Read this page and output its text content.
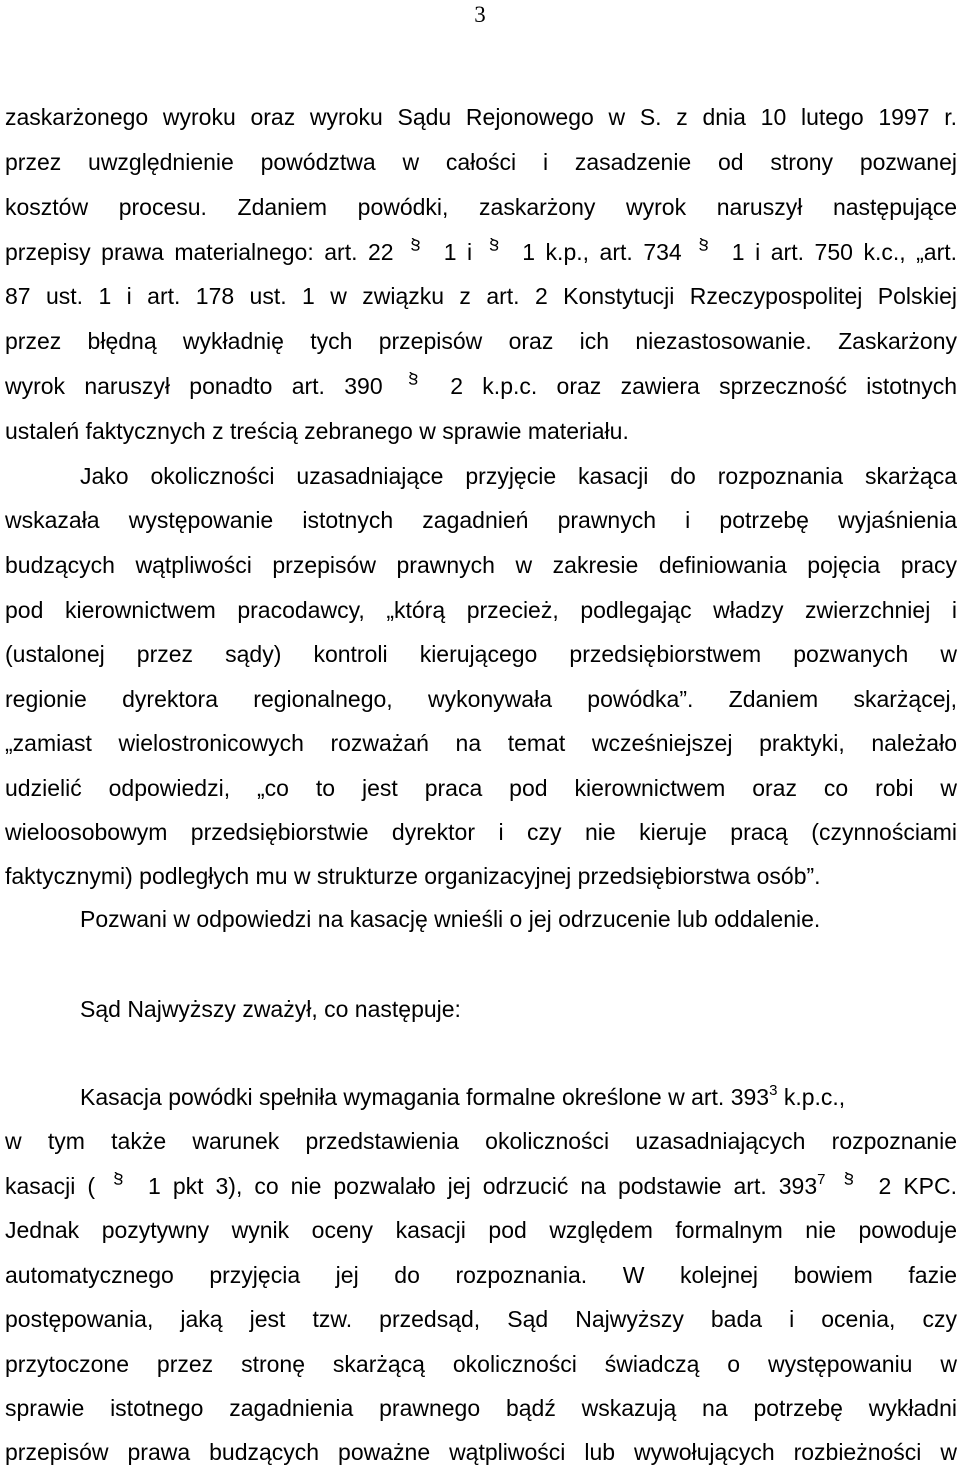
3
zaskarżonego wyroku oraz wyroku Sądu Rejonowego w S. z dnia 10 lutego 1997 r.
przez uwzględnienie powództwa w całości i zasadzenie od strony pozwanej
kosztów procesu. Zdaniem powódki, zaskarżony wyrok naruszył następujące
przepisy prawa materialnego: art. 22 § 1 i § 1 k.p., art. 734 § 1 i art. 750 k.c., „art.
87 ust. 1 i art. 178 ust. 1 w związku z art. 2 Konstytucji Rzeczypospolitej Polskiej
przez błędną wykładnię tych przepisów oraz ich niezastosowanie. Zaskarżony
wyrok naruszył ponadto art. 390 §	2 k.p.c. oraz zawiera sprzeczność istotnych
ustaleń faktycznych z treścią zebranego w sprawie materiału.
Jako okoliczności uzasadniające przyjęcie kasacji do rozpoznania skarżąca
wskazała występowanie istotnych zagadnień prawnych i potrzebę wyjaśnienia
budzących wątpliwości przepisów prawnych w zakresie definiowania pojęcia pracy
pod kierownictwem pracodawcy, „którą przecież, podlegając władzy zwierzchniej i
(ustalonej przez sądy) kontroli kierującego przedsiębiorstwem pozwanych w
regionie dyrektora regionalnego, wykonywała powódka”. Zdaniem skarżącej,
„zamiast wielostronicowych rozważań na temat wcześniejszej praktyki, należało
udzielić odpowiedzi, „co to jest praca pod kierownictwem oraz co robi w
wieloosobowym przedsiębiorstwie dyrektor i czy nie kieruje pracą (czynnościami
faktycznymi) podległych mu w strukturze organizacyjnej przedsiębiorstwa osób”.
Pozwani w odpowiedzi na kasację wnieśli o jej odrzucenie lub oddalenie.
Sąd Najwyższy zważył, co następuje:
Kasacja powódki spełniła wymagania formalne określone w art. $393^3$ k.p.c.,
w tym także warunek przedstawienia okoliczności uzasadniających rozpoznanie
kasacji ( § 1 pkt 3), co nie pozwalało jej odrzucić na podstawie art. $393^7$ § 2 KPC.
Jednak pozytywny wynik oceny kasacji pod względem formalnym nie powoduje
automatycznego przyjęcia jej do rozpoznania. W kolejnej bowiem fazie
postępowania, jaką jest tzw. przedsąd, Sąd Najwyższy bada i ocenia, czy
przytoczone przez stronę skarżącą okoliczności świadczą o występowaniu w
sprawie istotnego zagadnienia prawnego bądź wskazują na potrzebę wykładni
przepisów prawa budzących poważne wątpliwości lub wywołujących rozbieżności w
